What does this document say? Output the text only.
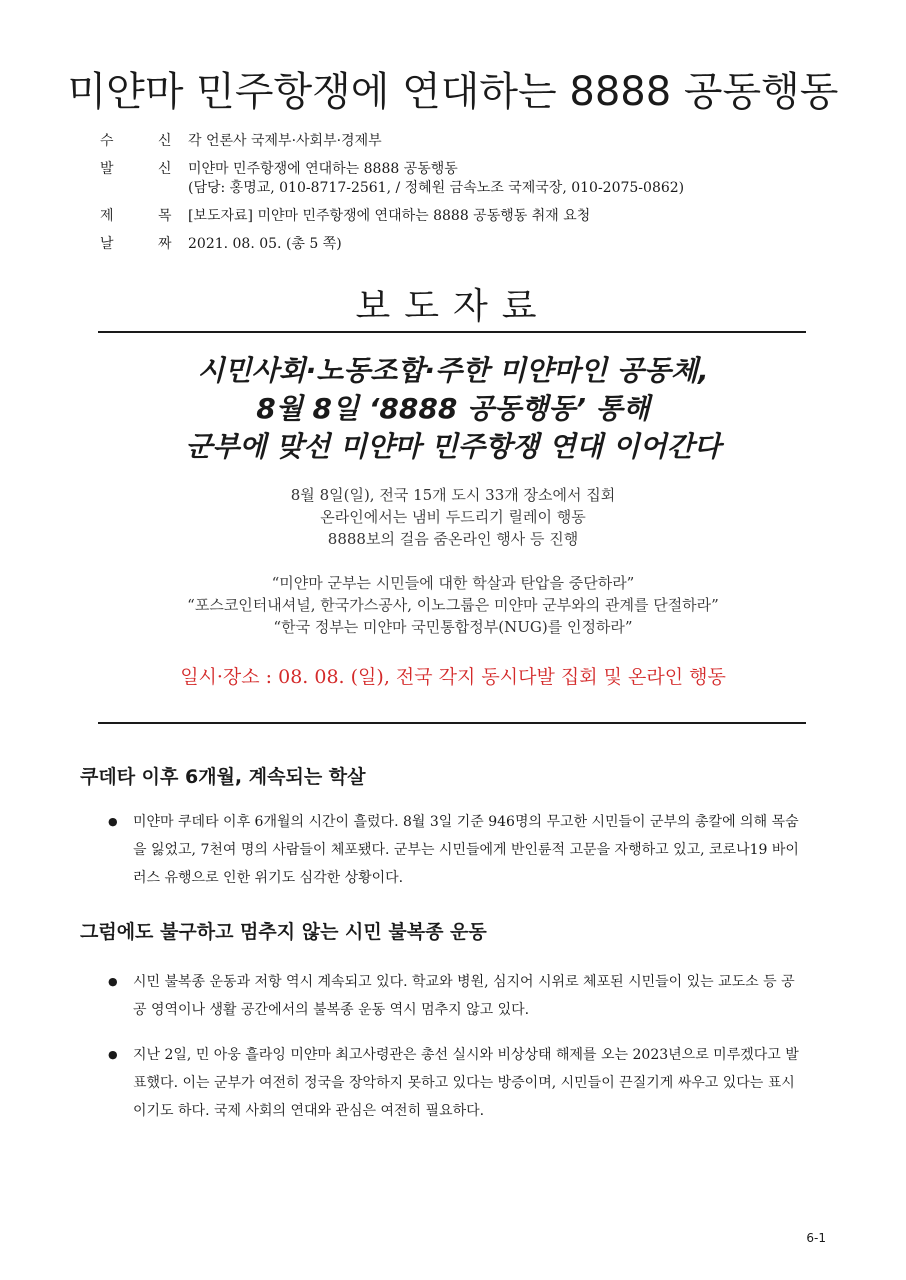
미얀마 민주항쟁에 연대하는 8888 공동행동
수 신
각 언론사 국제부·사회부·경제부
발 신
미얀마 민주항쟁에 연대하는 8888 공동행동
(담당: 홍명교, 010-8717-2561, / 정혜원 금속노조 국제국장, 010-2075-0862)
제 목
[보도자료] 미얀마 민주항쟁에 연대하는 8888 공동행동 취재 요청
날 짜
2021. 08. 05. (총 5 쪽)
보도자료
시민사회·노동조합·주한 미얀마인 공동체,
8월 8일 ‘8888 공동행동’ 통해
군부에 맞선 미얀마 민주항쟁 연대 이어간다
8월 8일(일), 전국 15개 도시 33개 장소에서 집회
온라인에서는 냄비 두드리기 릴레이 행동
8888보의 걸음 줌온라인 행사 등 진행
“미얀마 군부는 시민들에 대한 학살과 탄압을 중단하라”
“포스코인터내셔널, 한국가스공사, 이노그룹은 미얀마 군부와의 관계를 단절하라”
“한국 정부는 미얀마 국민통합정부(NUG)를 인정하라”
일시·장소 : 08. 08. (일), 전국 각지 동시다발 집회 및 온라인 행동
쿠데타 이후 6개월, 계속되는 학살
●	미얀마 쿠데타 이후 6개월의 시간이 흘렀다. 8월 3일 기준 946명의 무고한 시민들이 군부의 총칼에 의해 목숨을 잃었고, 7천여 명의 사람들이 체포됐다. 군부는 시민들에게 반인륜적 고문을 자행하고 있고, 코로나19 바이러스 유행으로 인한 위기도 심각한 상황이다.
그럼에도 불구하고 멈추지 않는 시민 불복종 운동
●	시민 불복종 운동과 저항 역시 계속되고 있다. 학교와 병원, 심지어 시위로 체포된 시민들이 있는 교도소 등 공공 영역이나 생활 공간에서의 불복종 운동 역시 멈추지 않고 있다.
●	지난 2일, 민 아웅 흘라잉 미얀마 최고사령관은 총선 실시와 비상상태 해제를 오는 2023년으로 미루겠다고 발표했다. 이는 군부가 여전히 정국을 장악하지 못하고 있다는 방증이며, 시민들이 끈질기게 싸우고 있다는 표시이기도 하다. 국제 사회의 연대와 관심은 여전히 필요하다.
6-1
